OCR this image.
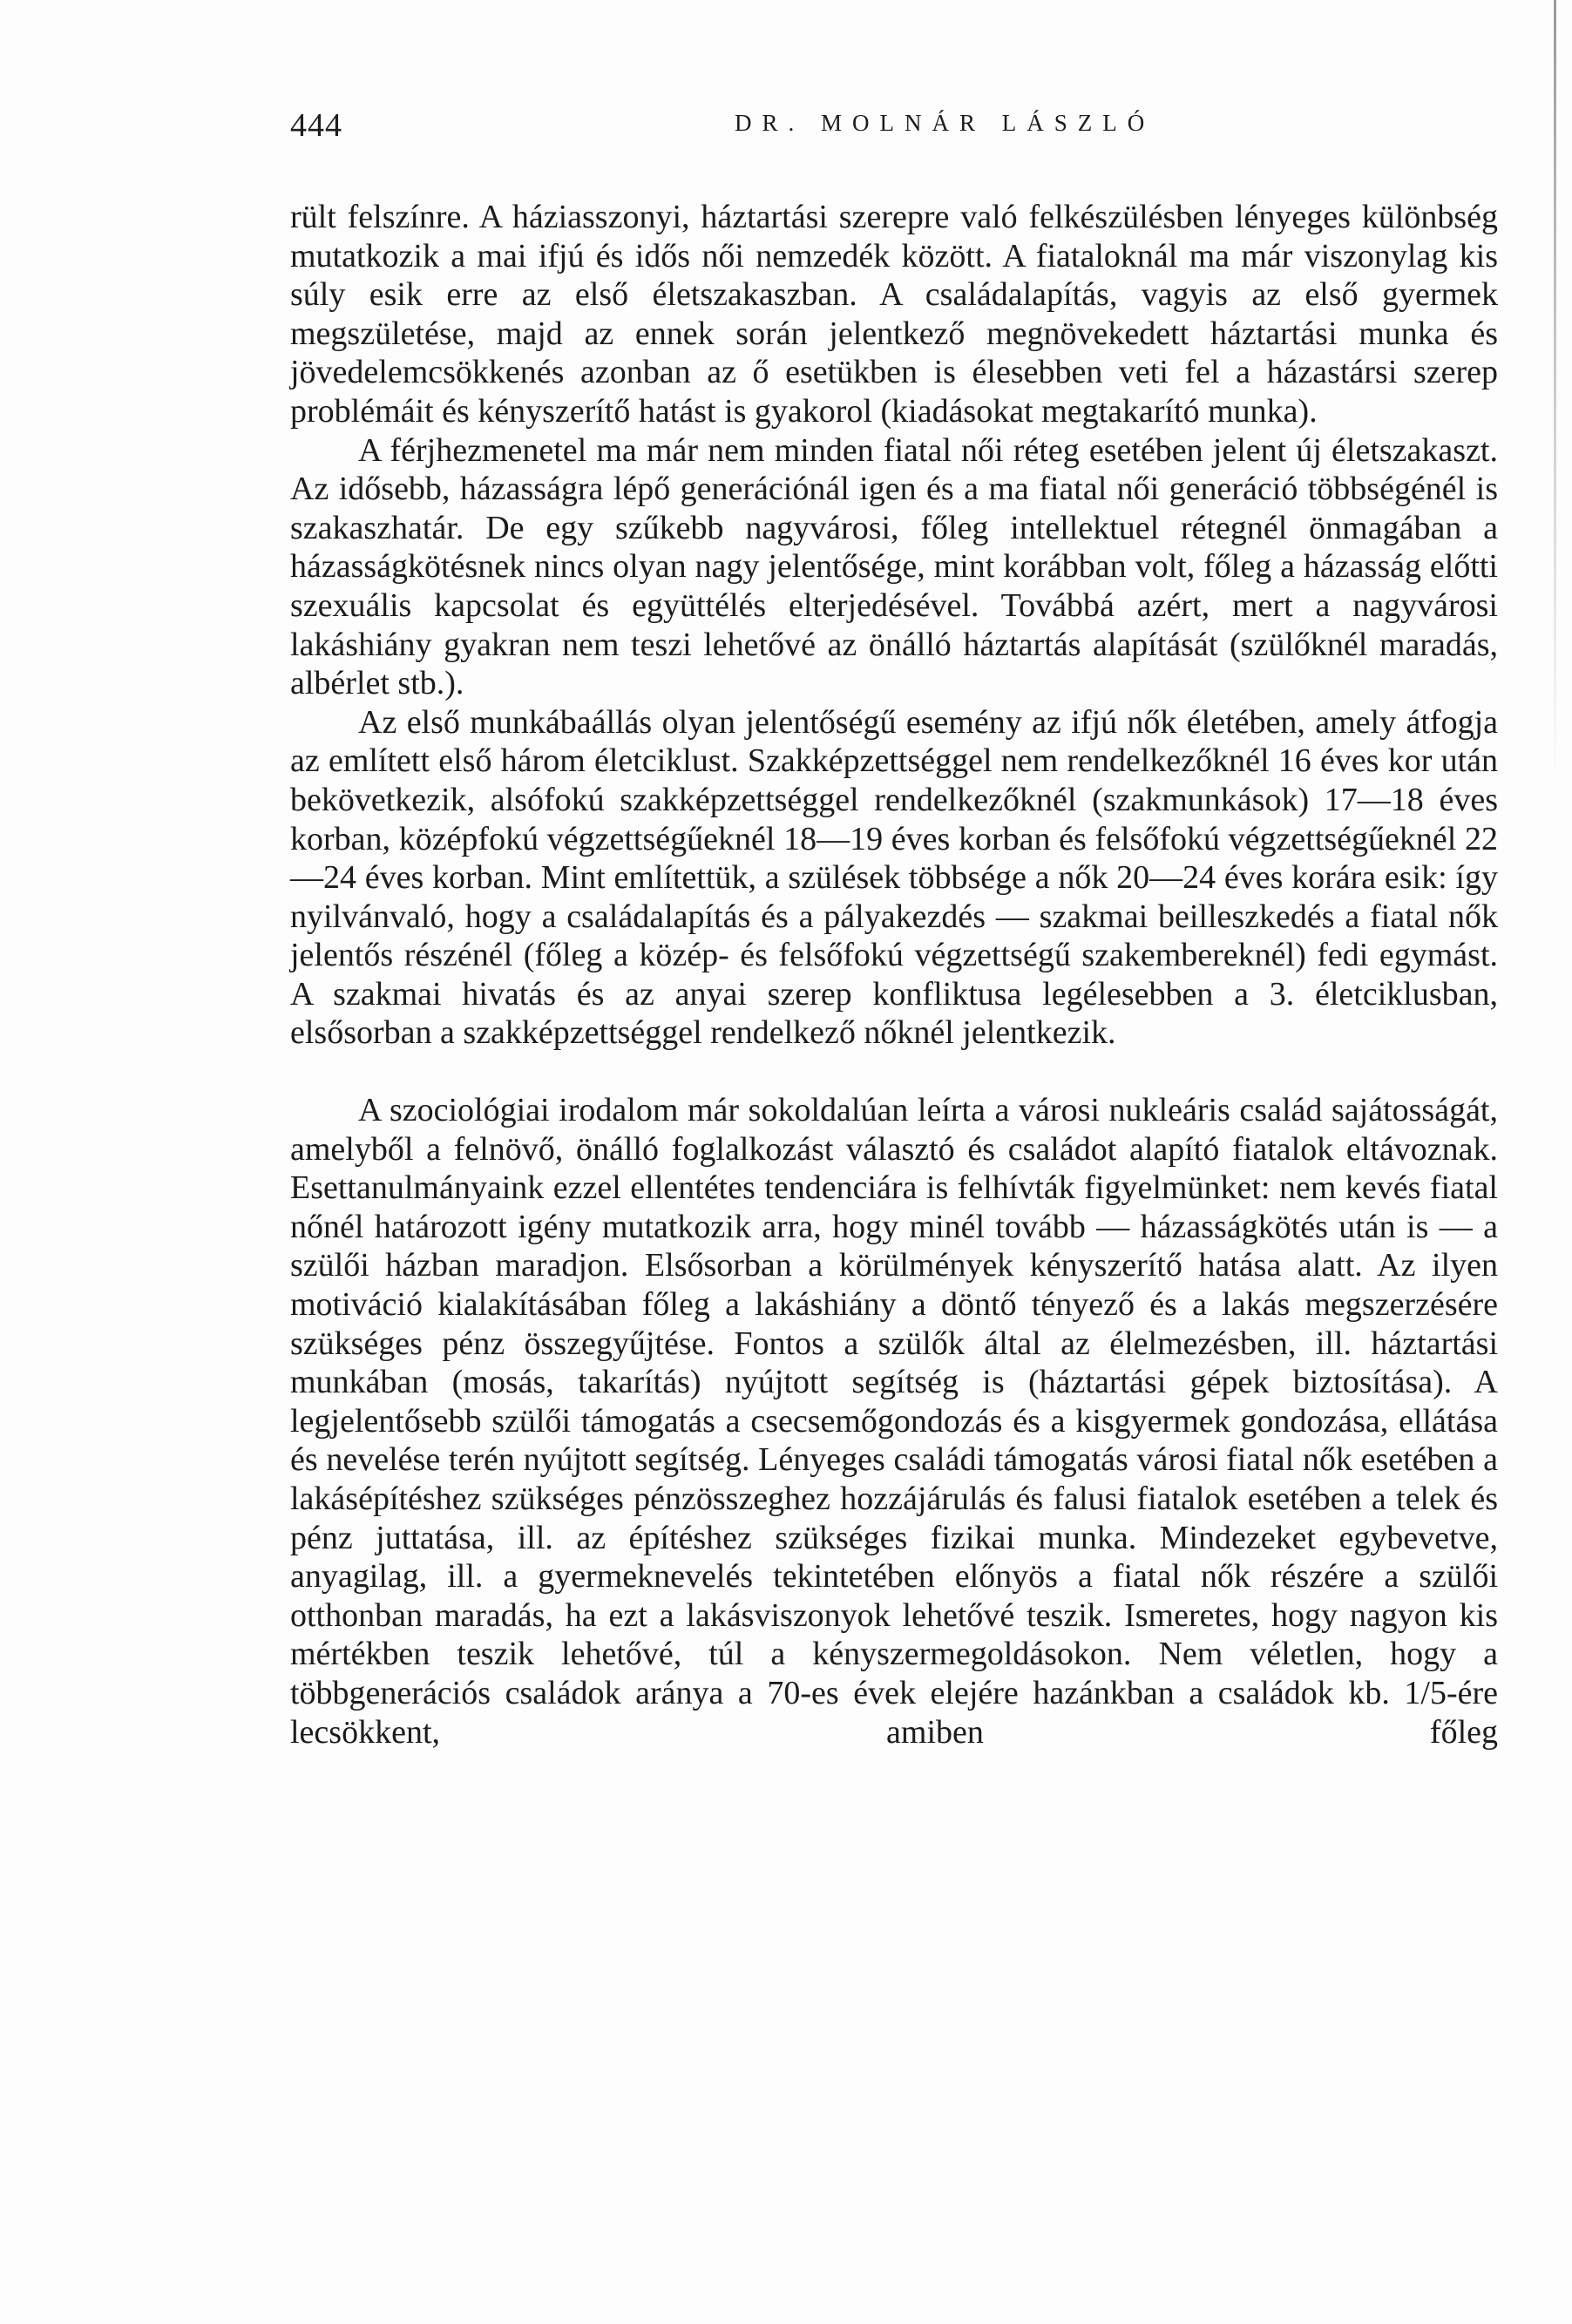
444	DR. MOLNÁR LÁSZLÓ

rült felszínre. A háziasszonyi, háztartási szerepre való felkészülésben lényeges különbség mutatkozik a mai ifjú és idős női nemzedék között. A fiataloknál ma már viszonylag kis súly esik erre az első életszakaszban. A családalapítás, vagyis az első gyermek megszületése, majd az ennek során jelentkező megnövekedett háztartási munka és jövedelemcsökkenés azonban az ő esetükben is élesebben veti fel a házastársi szerep problémáit és kényszerítő hatást is gyakorol (kiadásokat megtakarító munka).

A férjhezmenetel ma már nem minden fiatal női réteg esetében jelent új életszakaszt. Az idősebb, házasságra lépő generációnál igen és a ma fiatal női generáció többségénél is szakaszhatár. De egy szűkebb nagyvárosi, főleg intellektuel rétegnél önmagában a házasságkötésnek nincs olyan nagy jelentősége, mint korábban volt, főleg a házasság előtti szexuális kapcsolat és együttélés elterjedésével. Továbbá azért, mert a nagyvárosi lakáshiány gyakran nem teszi lehetővé az önálló háztartás alapítását (szülőknél maradás, albérlet stb.).

Az első munkábaállás olyan jelentőségű esemény az ifjú nők életében, amely átfogja az említett első három életciklust. Szakképzettséggel nem rendelkezőknél 16 éves kor után bekövetkezik, alsófokú szakképzettséggel rendelkezőknél (szakmunkások) 17—18 éves korban, középfokú végzettségűeknél 18—19 éves korban és felsőfokú végzettségűeknél 22—24 éves korban. Mint említettük, a szülések többsége a nők 20—24 éves korára esik: így nyilvánvaló, hogy a családalapítás és a pályakezdés — szakmai beilleszkedés a fiatal nők jelentős részénél (főleg a közép- és felsőfokú végzettségű szakembereknél) fedi egymást. A szakmai hivatás és az anyai szerep konfliktusa legélesebben a 3. életciklusban, elsősorban a szakképzettséggel rendelkező nőknél jelentkezik.

A szociológiai irodalom már sokoldalúan leírta a városi nukleáris család sajátosságát, amelyből a felnövő, önálló foglalkozást választó és családot alapító fiatalok eltávoznak. Esettanulmányaink ezzel ellentétes tendenciára is felhívták figyelmünket: nem kevés fiatal nőnél határozott igény mutatkozik arra, hogy minél tovább — házasságkötés után is — a szülői házban maradjon. Elsősorban a körülmények kényszerítő hatása alatt. Az ilyen motiváció kialakításában főleg a lakáshiány a döntő tényező és a lakás megszerzésére szükséges pénz összegyűjtése. Fontos a szülők által az élelmezésben, ill. háztartási munkában (mosás, takarítás) nyújtott segítség is (háztartási gépek biztosítása). A legjelentősebb szülői támogatás a csecsemőgondozás és a kisgyermek gondozása, ellátása és nevelése terén nyújtott segítség. Lényeges családi támogatás városi fiatal nők esetében a lakásépítéshez szükséges pénzösszeghez hozzájárulás és falusi fiatalok esetében a telek és pénz juttatása, ill. az építéshez szükséges fizikai munka. Mindezeket egybevetve, anyagilag, ill. a gyermeknevelés tekintetében előnyös a fiatal nők részére a szülői otthonban maradás, ha ezt a lakásviszonyok lehetővé teszik. Ismeretes, hogy nagyon kis mértékben teszik lehetővé, túl a kényszermegoldásokon. Nem véletlen, hogy a többgenerációs családok aránya a 70-es évek elejére hazánkban a családok kb. 1/5-ére lecsökkent, amiben főleg
